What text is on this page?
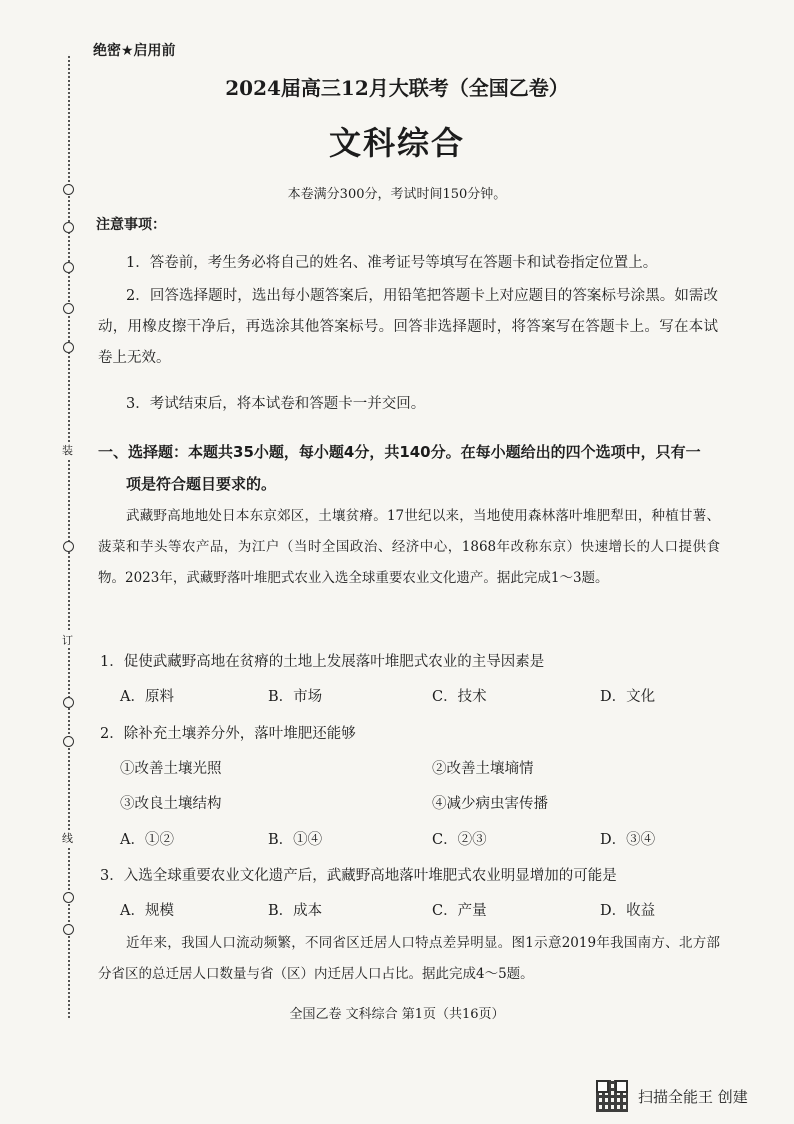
装
订
线
绝密★启用前
2024届高三12月大联考（全国乙卷）
文科综合
本卷满分300分，考试时间150分钟。
注意事项：
1．答卷前，考生务必将自己的姓名、准考证号等填写在答题卡和试卷指定位置上。
2．回答选择题时，选出每小题答案后，用铅笔把答题卡上对应题目的答案标号涂黑。如需改动，用橡皮擦干净后，再选涂其他答案标号。回答非选择题时，将答案写在答题卡上。写在本试卷上无效。
3．考试结束后，将本试卷和答题卡一并交回。
一、选择题：本题共35小题，每小题4分，共140分。在每小题给出的四个选项中，只有一
项是符合题目要求的。
武藏野高地地处日本东京郊区，土壤贫瘠。17世纪以来，当地使用森林落叶堆肥犁田，种植甘薯、菠菜和芋头等农产品，为江户（当时全国政治、经济中心，1868年改称东京）快速增长的人口提供食物。2023年，武藏野落叶堆肥式农业入选全球重要农业文化遗产。据此完成1～3题。
1．促使武藏野高地在贫瘠的土地上发展落叶堆肥式农业的主导因素是
A．原料	B．市场	C．技术	D．文化
2．除补充土壤养分外，落叶堆肥还能够
①改善土壤光照	②改善土壤墒情
③改良土壤结构	④减少病虫害传播
A．①②	B．①④	C．②③	D．③④
3．入选全球重要农业文化遗产后，武藏野高地落叶堆肥式农业明显增加的可能是
A．规模	B．成本	C．产量	D．收益
近年来，我国人口流动频繁，不同省区迁居人口特点差异明显。图1示意2019年我国南方、北方部分省区的总迁居人口数量与省（区）内迁居人口占比。据此完成4～5题。
全国乙卷 文科综合 第1页（共16页）
扫描全能王 创建
